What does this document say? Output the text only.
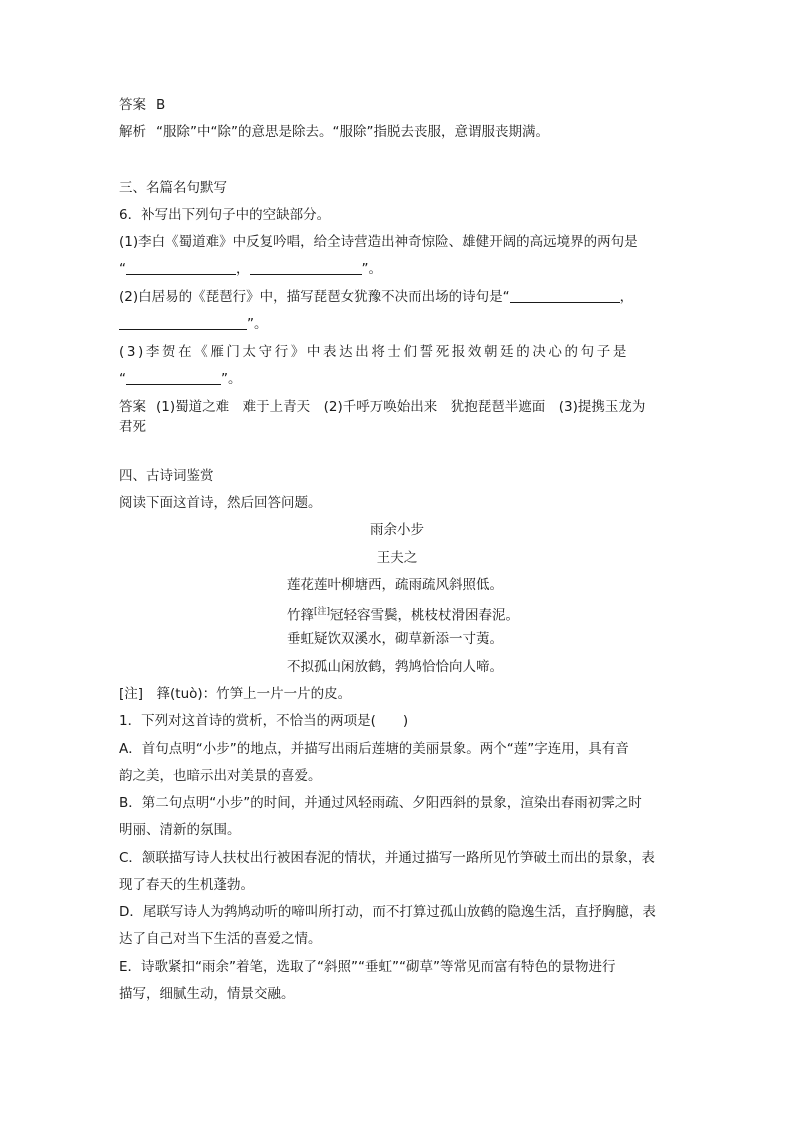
答案 B
解析 “服除”中“除”的意思是除去。“服除”指脱去丧服，意谓服丧期满。
三、名篇名句默写
6．补写出下列句子中的空缺部分。
(1)李白《蜀道难》中反复吟唱，给全诗营造出神奇惊险、雄健开阔的高远境界的两句是
“	，	”。
(2)白居易的《琵琶行》中，描写琵琶女犹豫不决而出场的诗句是“	，
”。
(3)李贺在《雁门太守行》中表达出将士们誓死报效朝廷的决心的句子是
“	”。
答案 (1)蜀道之难　难于上青天　(2)千呼万唤始出来　犹抱琵琶半遮面　(3)提携玉龙为
君死
四、古诗词鉴赏
阅读下面这首诗，然后回答问题。
雨余小步
王夫之
莲花莲叶柳塘西，疏雨疏风斜照低。
竹箨[注]冠轻容雪鬓，桃枝杖滑困春泥。
垂虹疑饮双溪水，砌草新添一寸荑。
不拟孤山闲放鹤，鹁鸠恰恰向人啼。
[注]　箨(tuò)：竹笋上一片一片的皮。
1．下列对这首诗的赏析，不恰当的两项是(　　)
A．首句点明“小步”的地点，并描写出雨后莲塘的美丽景象。两个“莲”字连用，具有音
韵之美，也暗示出对美景的喜爱。
B．第二句点明“小步”的时间，并通过风轻雨疏、夕阳西斜的景象，渲染出春雨初霁之时
明丽、清新的氛围。
C．颔联描写诗人扶杖出行被困春泥的情状，并通过描写一路所见竹笋破土而出的景象，表
现了春天的生机蓬勃。
D．尾联写诗人为鹁鸠动听的啼叫所打动，而不打算过孤山放鹤的隐逸生活，直抒胸臆，表
达了自己对当下生活的喜爱之情。
E．诗歌紧扣“雨余”着笔，选取了“斜照”“垂虹”“砌草”等常见而富有特色的景物进行
描写，细腻生动，情景交融。
